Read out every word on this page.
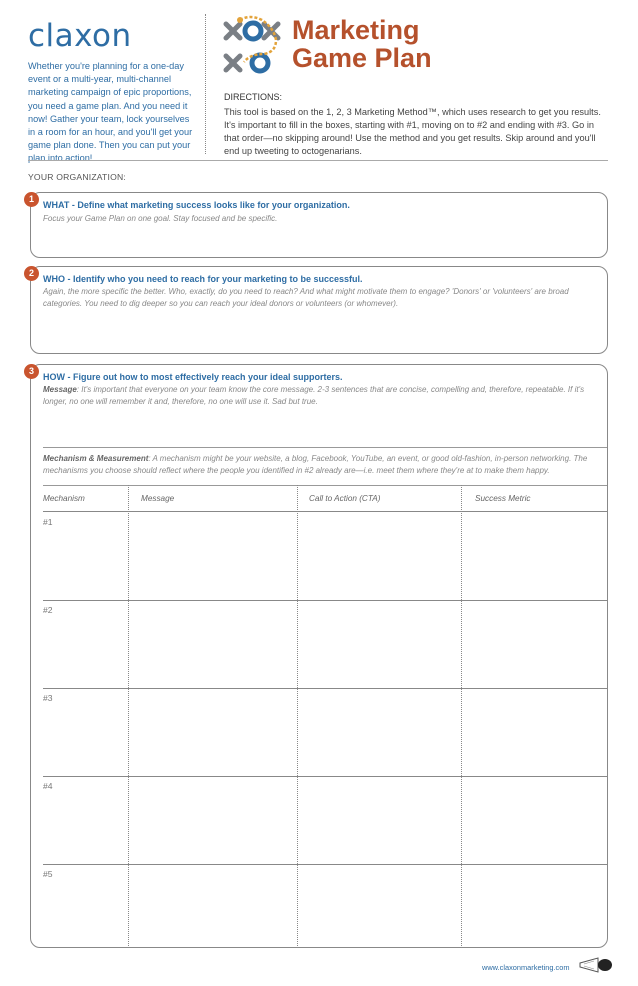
claxon
Whether you're planning for a one-day event or a multi-year, multi-channel marketing campaign of epic proportions, you need a game plan. And you need it now! Gather your team, lock yourselves in a room for an hour, and you'll get your game plan done. Then you can put your plan into action!
Marketing
Game Plan
DIRECTIONS:
This tool is based on the 1, 2, 3 Marketing Method™, which uses research to get you results. It's important to fill in the boxes, starting with #1, moving on to #2 and ending with #3. Go in that order—no skipping around! Use the method and you get results. Skip around and you'll end up tweeting to octogenarians.
YOUR ORGANIZATION:
WHAT - Define what marketing success looks like for your organization.
Focus your Game Plan on one goal. Stay focused and be specific.
1
WHO - Identify who you need to reach for your marketing to be successful.
Again, the more specific the better. Who, exactly, do you need to reach? And what might motivate them to engage? 'Donors' or 'volunteers' are broad categories. You need to dig deeper so you can reach your ideal donors or volunteers (or whomever).
2
HOW - Figure out how to most effectively reach your ideal supporters.
Message: It's important that everyone on your team know the core message. 2-3 sentences that are concise, compelling and, therefore, repeatable. If it's longer, no one will remember it and, therefore, no one will use it. Sad but true.
Mechanism & Measurement: A mechanism might be your website, a blog, Facebook, YouTube, an event, or good old-fashion, in-person networking. The mechanisms you choose should reflect where the people you identified in #2 already are—i.e. meet them where they're at to make them happy.
Mechanism	Message	Call to Action (CTA)	Success Metric
#1
#2
#3
#4
#5
3
www.claxonmarketing.com
